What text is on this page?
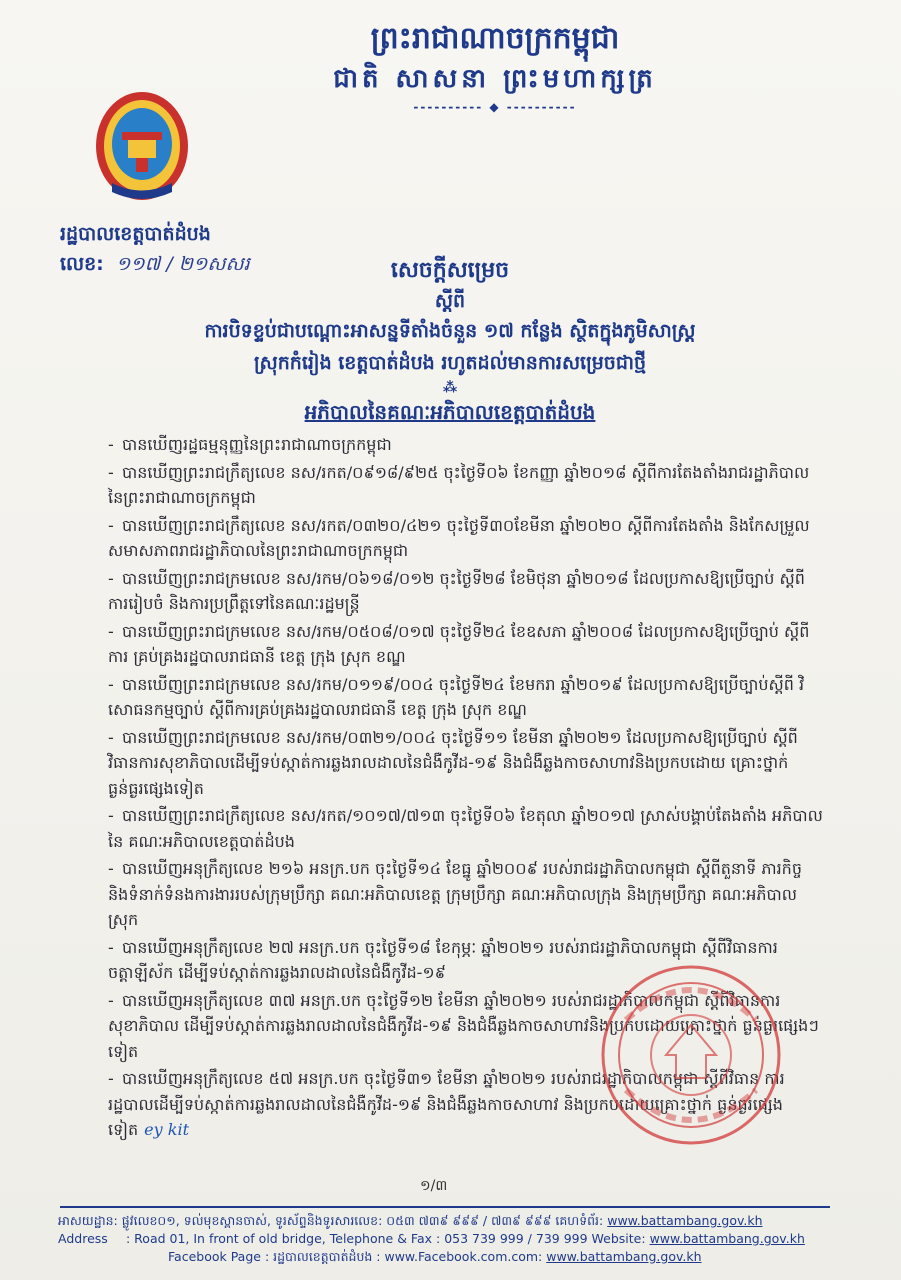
ព្រះរាជាណាចក្រកម្ពុជា
ជាតិ សាសនា ព្រះមហាក្សត្រ
---------- ◆ ----------
រដ្ឋបាលខេត្តបាត់ដំបង
លេខ: ១១៧ / ២១សសរ	សេចក្តីសម្រេច
ស្តីពី
ការបិទខ្ទប់ជាបណ្តោះអាសន្នទីតាំងចំនួន ១៧ កន្លែង ស្ថិតក្នុងភូមិសាស្ត្រ
ស្រុកកំរៀង ខេត្តបាត់ដំបង រហូតដល់មានការសម្រេចជាថ្មី
⁂
អភិបាលនៃគណៈអភិបាលខេត្តបាត់ដំបង
- បានឃើញរដ្ឋធម្មនុញ្ញនៃព្រះរាជាណាចក្រកម្ពុជា
- បានឃើញព្រះរាជក្រឹត្យលេខ នស/រកត/០៩១៨/៩២៥ ចុះថ្ងៃទី០៦ ខែកញ្ញា ឆ្នាំ២០១៨ ស្តីពីការតែងតាំងរាជរដ្ឋាភិបាល នៃព្រះរាជាណាចក្រកម្ពុជា
- បានឃើញព្រះរាជក្រឹត្យលេខ នស/រកត/០៣២០/៤២១ ចុះថ្ងៃទី៣០ខែមីនា ឆ្នាំ២០២០ ស្តីពីការតែងតាំង និងកែសម្រួល សមាសភាពរាជរដ្ឋាភិបាលនៃព្រះរាជាណាចក្រកម្ពុជា
- បានឃើញព្រះរាជក្រមលេខ នស/រកម/០៦១៨/០១២ ចុះថ្ងៃទី២៨ ខែមិថុនា ឆ្នាំ២០១៨ ដែលប្រកាសឱ្យប្រើច្បាប់ ស្តីពីការរៀបចំ និងការប្រព្រឹត្តទៅនៃគណៈរដ្ឋមន្ត្រី
- បានឃើញព្រះរាជក្រមលេខ នស/រកម/០៥០៨/០១៧ ចុះថ្ងៃទី២៤ ខែឧសភា ឆ្នាំ២០០៨ ដែលប្រកាសឱ្យប្រើច្បាប់ ស្តីពីការ គ្រប់គ្រងរដ្ឋបាលរាជធានី ខេត្ត ក្រុង ស្រុក ខណ្ឌ
- បានឃើញព្រះរាជក្រមលេខ នស/រកម/០១១៩/០០៤ ចុះថ្ងៃទី២៤ ខែមករា ឆ្នាំ២០១៩ ដែលប្រកាសឱ្យប្រើច្បាប់ស្តីពី វិសោធនកម្មច្បាប់ ស្តីពីការគ្រប់គ្រងរដ្ឋបាលរាជធានី ខេត្ត ក្រុង ស្រុក ខណ្ឌ
- បានឃើញព្រះរាជក្រមលេខ នស/រកម/០៣២១/០០៤ ចុះថ្ងៃទី១១ ខែមីនា ឆ្នាំ២០២១ ដែលប្រកាសឱ្យប្រើច្បាប់ ស្តីពីវិធានការសុខាភិបាលដើម្បីទប់ស្កាត់ការឆ្លងរាលដាលនៃជំងឺកូវីដ-១៩ និងជំងឺឆ្លងកាចសាហាវនិងប្រកបដោយ គ្រោះថ្នាក់ធ្ងន់ធ្ងរផ្សេងទៀត
- បានឃើញព្រះរាជក្រឹត្យលេខ នស/រកត/១០១៧/៧១៣ ចុះថ្ងៃទី០៦ ខែតុលា ឆ្នាំ២០១៧ ស្រាស់បង្គាប់តែងតាំង អភិបាលនៃ គណៈអភិបាលខេត្តបាត់ដំបង
- បានឃើញអនុក្រឹត្យលេខ ២១៦ អនក្រ.បក ចុះថ្ងៃទី១៤ ខែធ្នូ ឆ្នាំ២០០៩ របស់រាជរដ្ឋាភិបាលកម្ពុជា ស្តីពីតួនាទី ភារកិច្ច និងទំនាក់ទំនងការងាររបស់ក្រុមប្រឹក្សា គណៈអភិបាលខេត្ត ក្រុមប្រឹក្សា គណៈអភិបាលក្រុង និងក្រុមប្រឹក្សា គណៈអភិបាលស្រុក
- បានឃើញអនុក្រឹត្យលេខ ២៧ អនក្រ.បក ចុះថ្ងៃទី១៨ ខែកុម្ភៈ ឆ្នាំ២០២១ របស់រាជរដ្ឋាភិបាលកម្ពុជា ស្តីពីវិធានការ ចត្តាឡីស័ក ដើម្បីទប់ស្កាត់ការឆ្លងរាលដាលនៃជំងឺកូវីដ-១៩
- បានឃើញអនុក្រឹត្យលេខ ៣៧ អនក្រ.បក ចុះថ្ងៃទី១២ ខែមីនា ឆ្នាំ២០២១ របស់រាជរដ្ឋាភិបាលកម្ពុជា ស្តីពីវិធានការ សុខាភិបាល ដើម្បីទប់ស្កាត់ការឆ្លងរាលដាលនៃជំងឺកូវីដ-១៩ និងជំងឺឆ្លងកាចសាហាវនិងប្រកបដោយគ្រោះថ្នាក់ ធ្ងន់ធ្ងរផ្សេងៗទៀត
- បានឃើញអនុក្រឹត្យលេខ ៥៧ អនក្រ.បក ចុះថ្ងៃទី៣១ ខែមីនា ឆ្នាំ២០២១ របស់រាជរដ្ឋាភិបាលកម្ពុជា ស្តីពីវិធាន ការរដ្ឋបាលដើម្បីទប់ស្កាត់ការឆ្លងរាលដាលនៃជំងឺកូវីដ-១៩ និងជំងឺឆ្លងកាចសាហាវ និងប្រកបដោយគ្រោះថ្នាក់ ធ្ងន់ធ្ងរផ្សេងទៀត ey kit
១/៣
អាសយដ្ឋាន: ផ្លូវលេខ០១, ទល់មុខស្ពានចាស់, ទូរស័ព្ទនិងទូរសារលេខ: ០៥៣ ៧៣៩ ៩៩៩ / ៧៣៩ ៩៩៩ គេហទំព័រ: www.battambang.gov.kh
Address : Road 01, In front of old bridge, Telephone & Fax : 053 739 999 / 739 999 Website: www.battambang.gov.kh
Facebook Page : រដ្ឋបាលខេត្តបាត់ដំបង : www.Facebook.com.com: www.battambang.gov.kh
